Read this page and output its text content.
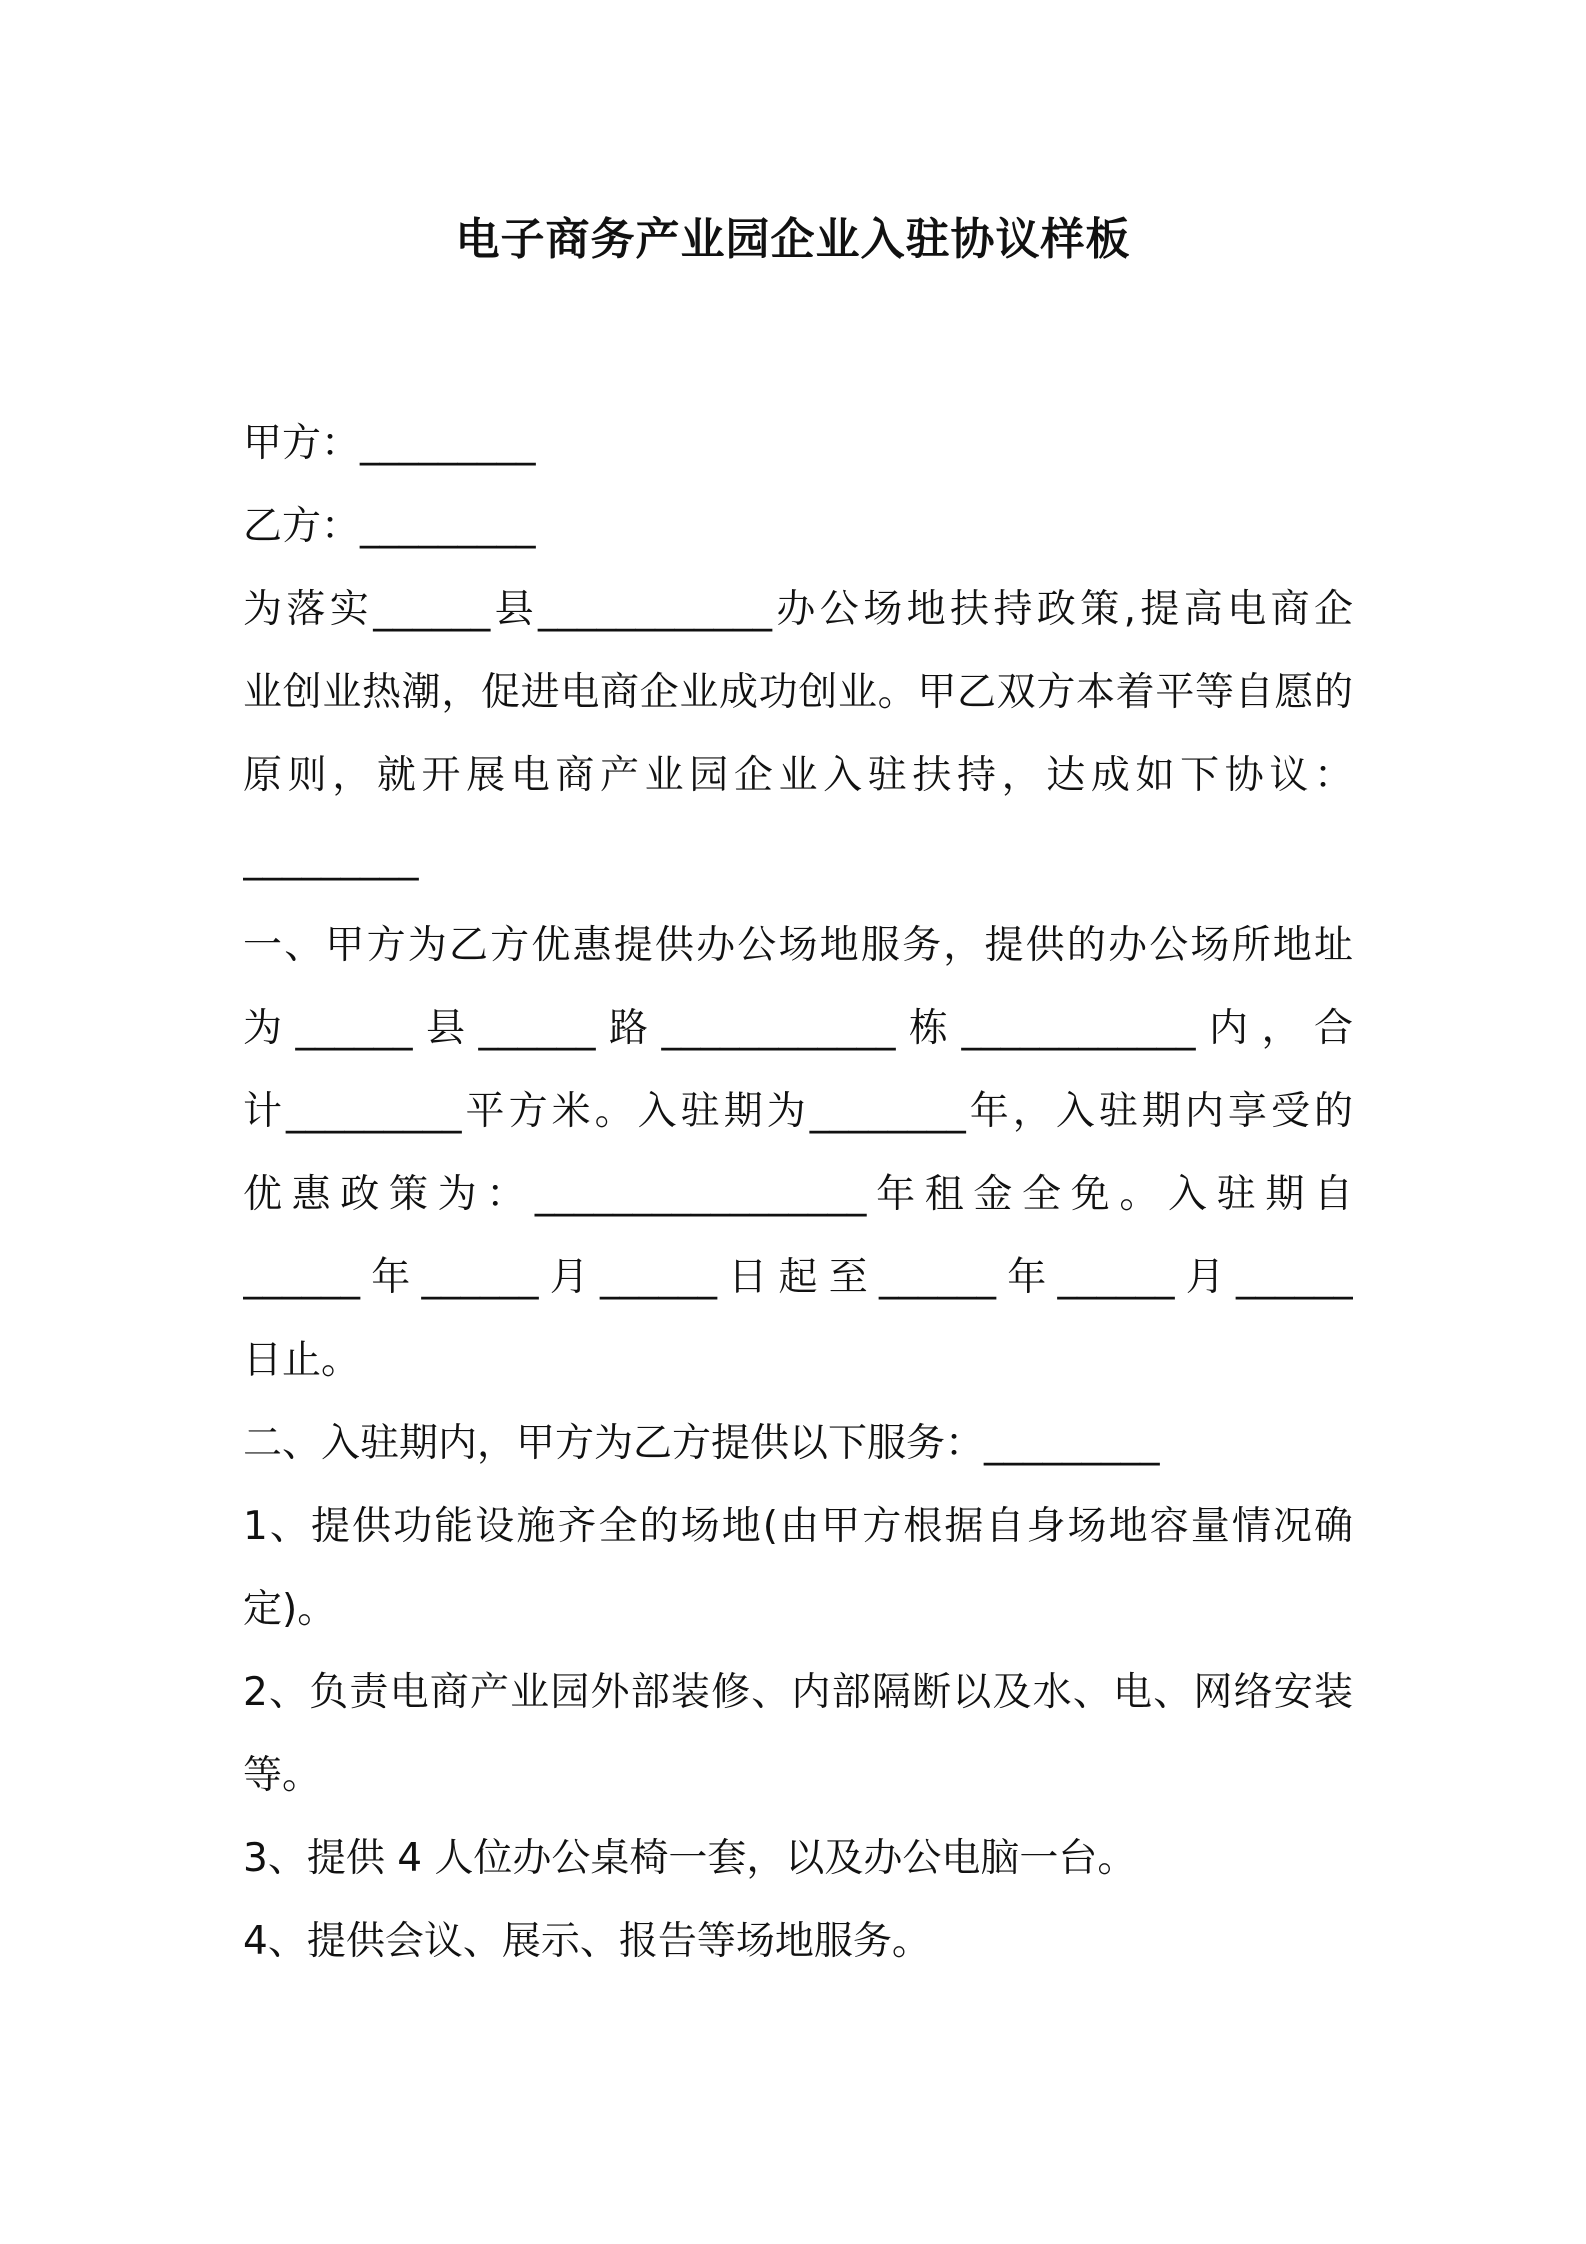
电子商务产业园企业入驻协议样板
甲方：_________
乙方：_________
为落实______县____________办公场地扶持政策,提高电商企
业创业热潮，促进电商企业成功创业。甲乙双方本着平等自愿的
原则，就开展电商产业园企业入驻扶持，达成如下协议：
_________
一、甲方为乙方优惠提供办公场地服务，提供的办公场所地址
为______县______路____________栋____________内，合
计_________平方米。入驻期为________年，入驻期内享受的
优惠政策为：_________________年租金全免。入驻期自
______年______月______日起至______年______月______
日止。
二、入驻期内，甲方为乙方提供以下服务：_________
1、提供功能设施齐全的场地(由甲方根据自身场地容量情况确
定)。
2、负责电商产业园外部装修、内部隔断以及水、电、网络安装
等。
3、提供 4 人位办公桌椅一套，以及办公电脑一台。
4、提供会议、展示、报告等场地服务。
